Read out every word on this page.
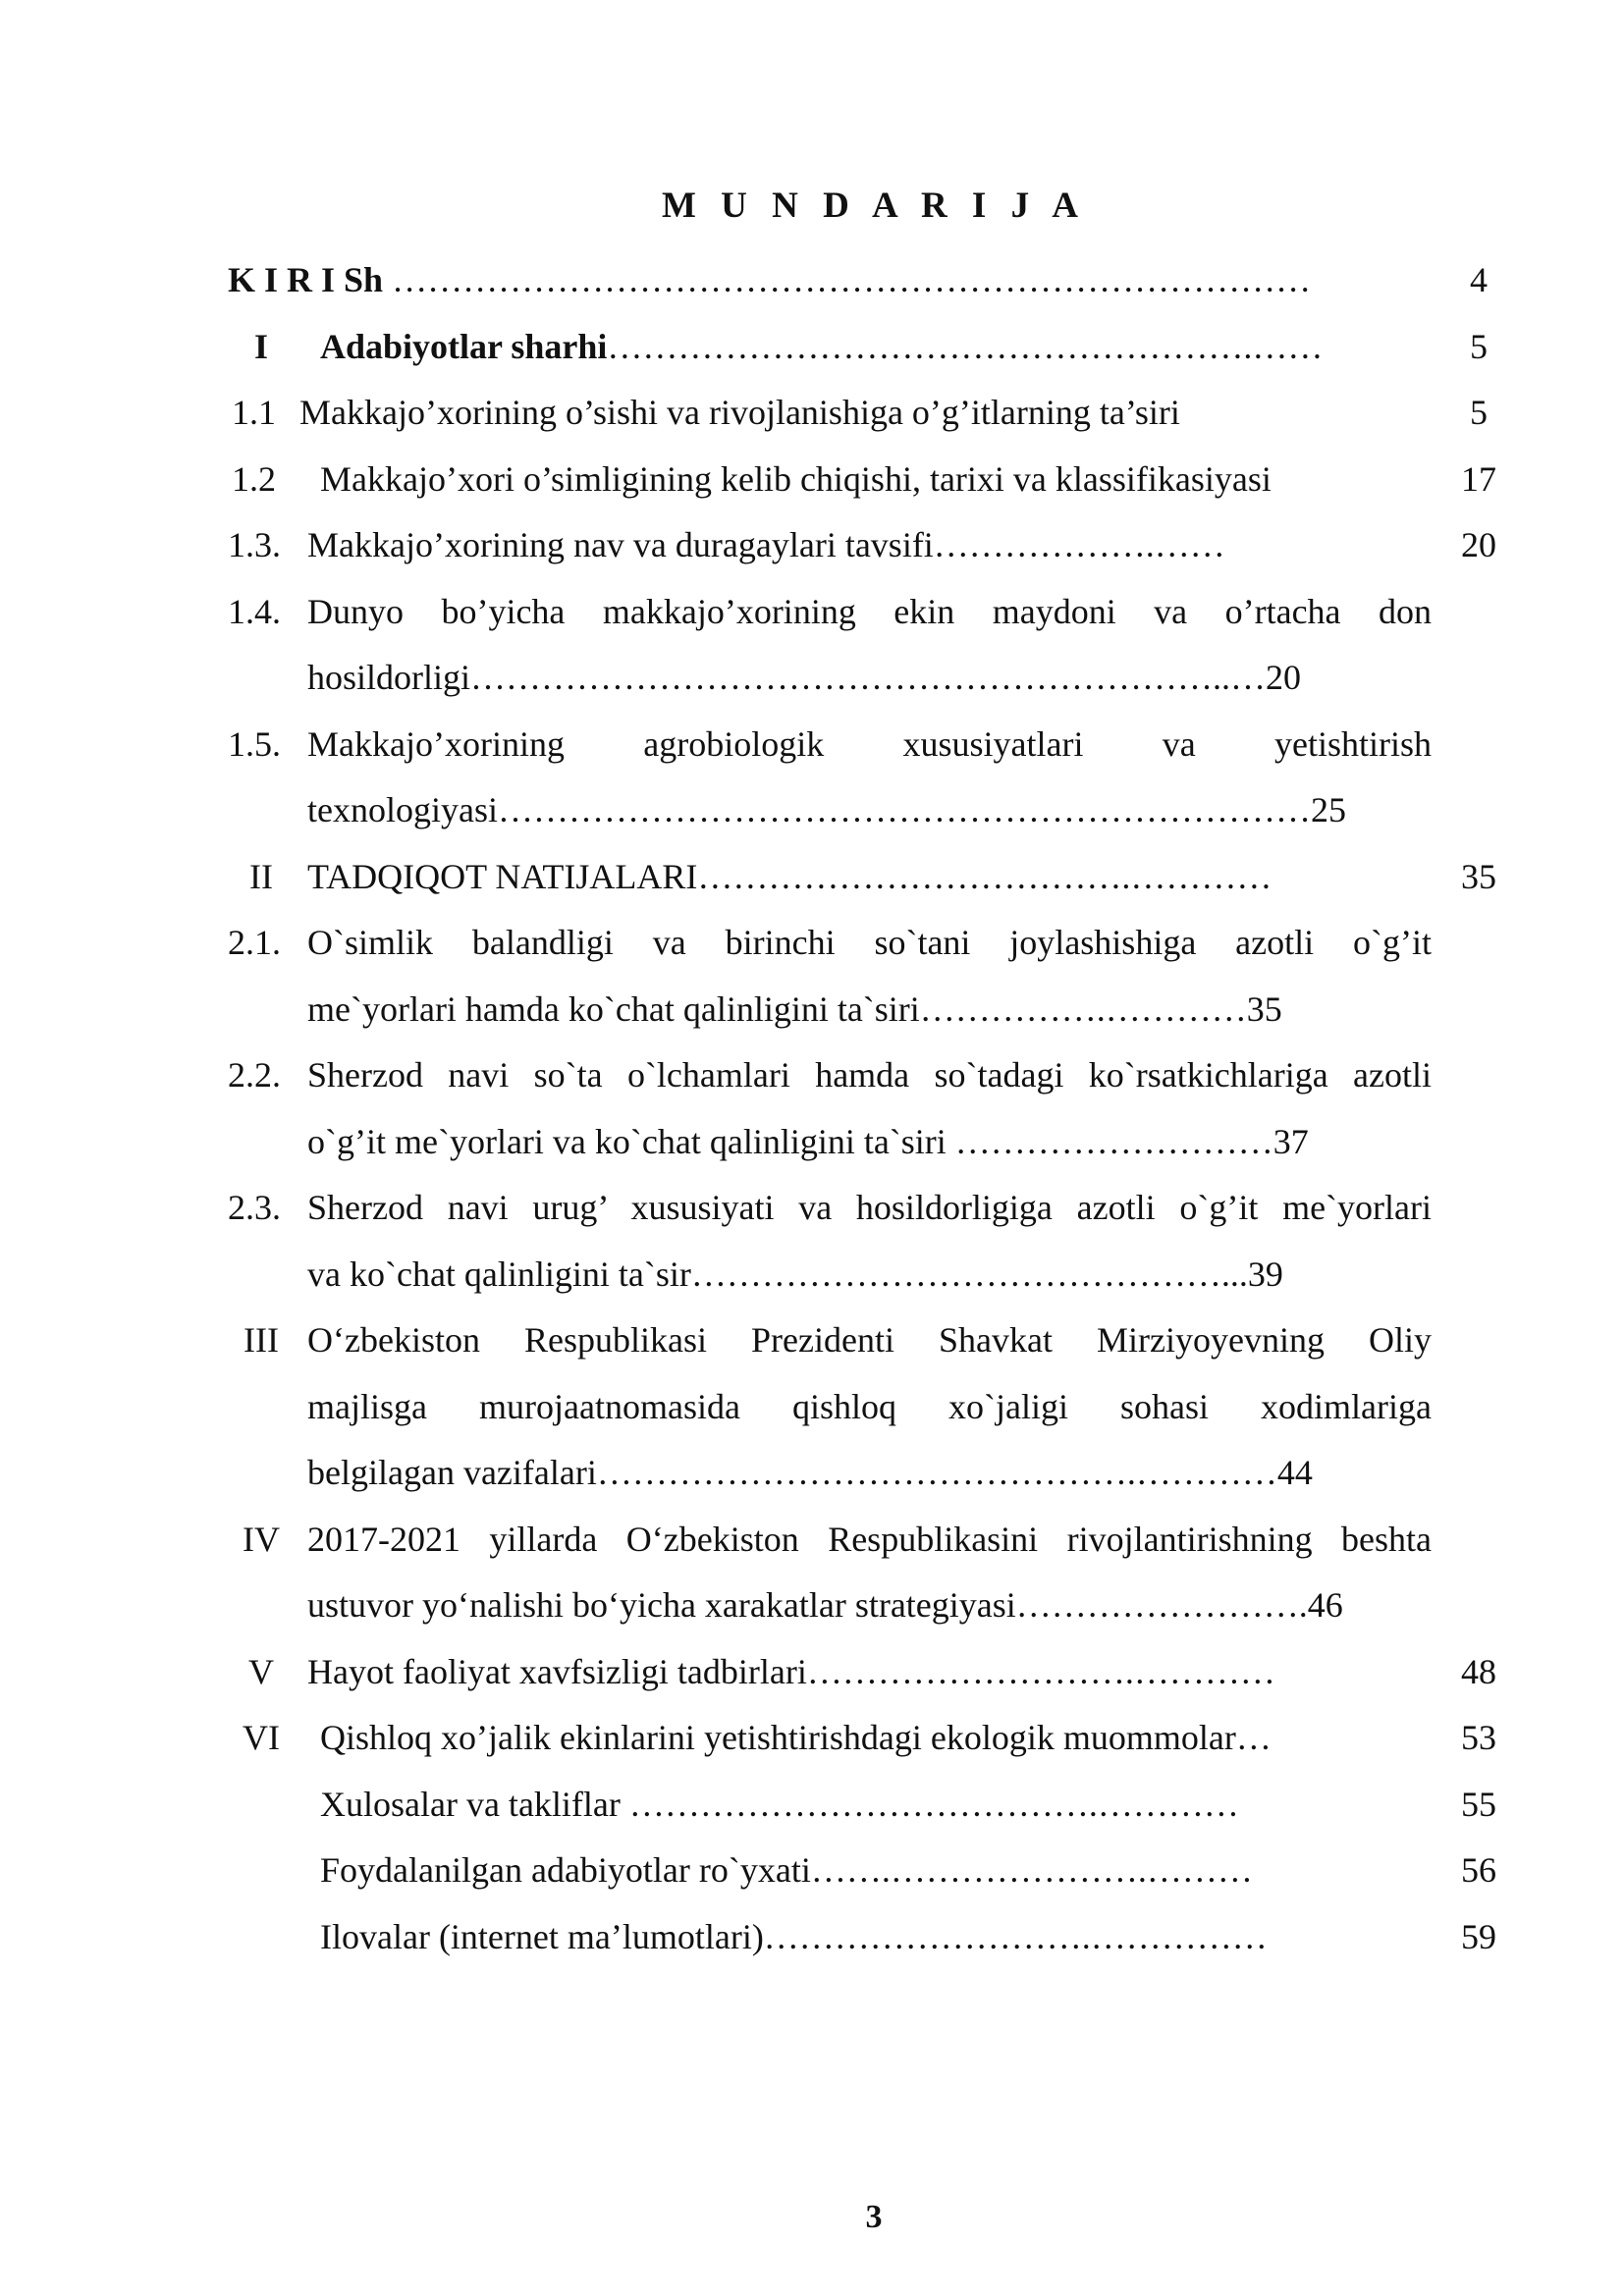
M U N D A R I J A
K I R I Sh ……………………………………………………………………	4
I	Adabiyotlar sharhi……………………………………………….……	5
1.1 Makkajo’xorining o’sishi va rivojlanishiga o’g’itlarning ta’siri	5
1.2 Makkajo’xori o’simligining kelib chiqishi, tarixi va klassifikasiyasi	17
1.3. Makkajo’xorining nav va duragaylari tavsifi……………….……	20
1.4. Dunyo bo’yicha makkajo’xorining ekin maydoni va o’rtacha don
hosildorligi………………………………………………………..…20
1.5. Makkajo’xorining agrobiologik xususiyatlari va yetishtirish
texnologiyasi……………………………………………………………25
II TADQIQOT NATIJALARI……………………………….…………	35
2.1. O`simlik balandligi va birinchi so`tani joylashishiga azotli o`g’it
me`yorlari hamda ko`chat qalinligini ta`siri…………….…………35
2.2. Sherzod navi so`ta o`lchamlari hamda so`tadagi ko`rsatkichlariga azotli
o`g’it me`yorlari va ko`chat qalinligini ta`siri ………………………37
2.3. Sherzod navi urug’ xususiyati va hosildorligiga azotli o`g’it me`yorlari
va ko`chat qalinligini ta`sir………………………………………...39
III O‘zbekiston Respublikasi Prezidenti Shavkat Mirziyoyevning Oliy
majlisga murojaatnomasida qishloq xo`jaligi sohasi xodimlariga
belgilagan vazifalari……………………………………….…………44
IV 2017-2021 yillarda O‘zbekiston Respublikasini rivojlantirishning beshta
ustuvor yo‘nalishi bo‘yicha xarakatlar strategiyasi…………………….46
V Hayot faoliyat xavfsizligi tadbirlari……………………….…………	48
VI	Qishloq xo’jalik ekinlarini yetishtirishdagi ekologik muommolar…	53
Xulosalar va takliflar ………………………………….…………	55
Foydalanilgan adabiyotlar ro`yxati…….………………….………	56
Ilovalar (internet ma’lumotlari)……………………….……………	59
3
